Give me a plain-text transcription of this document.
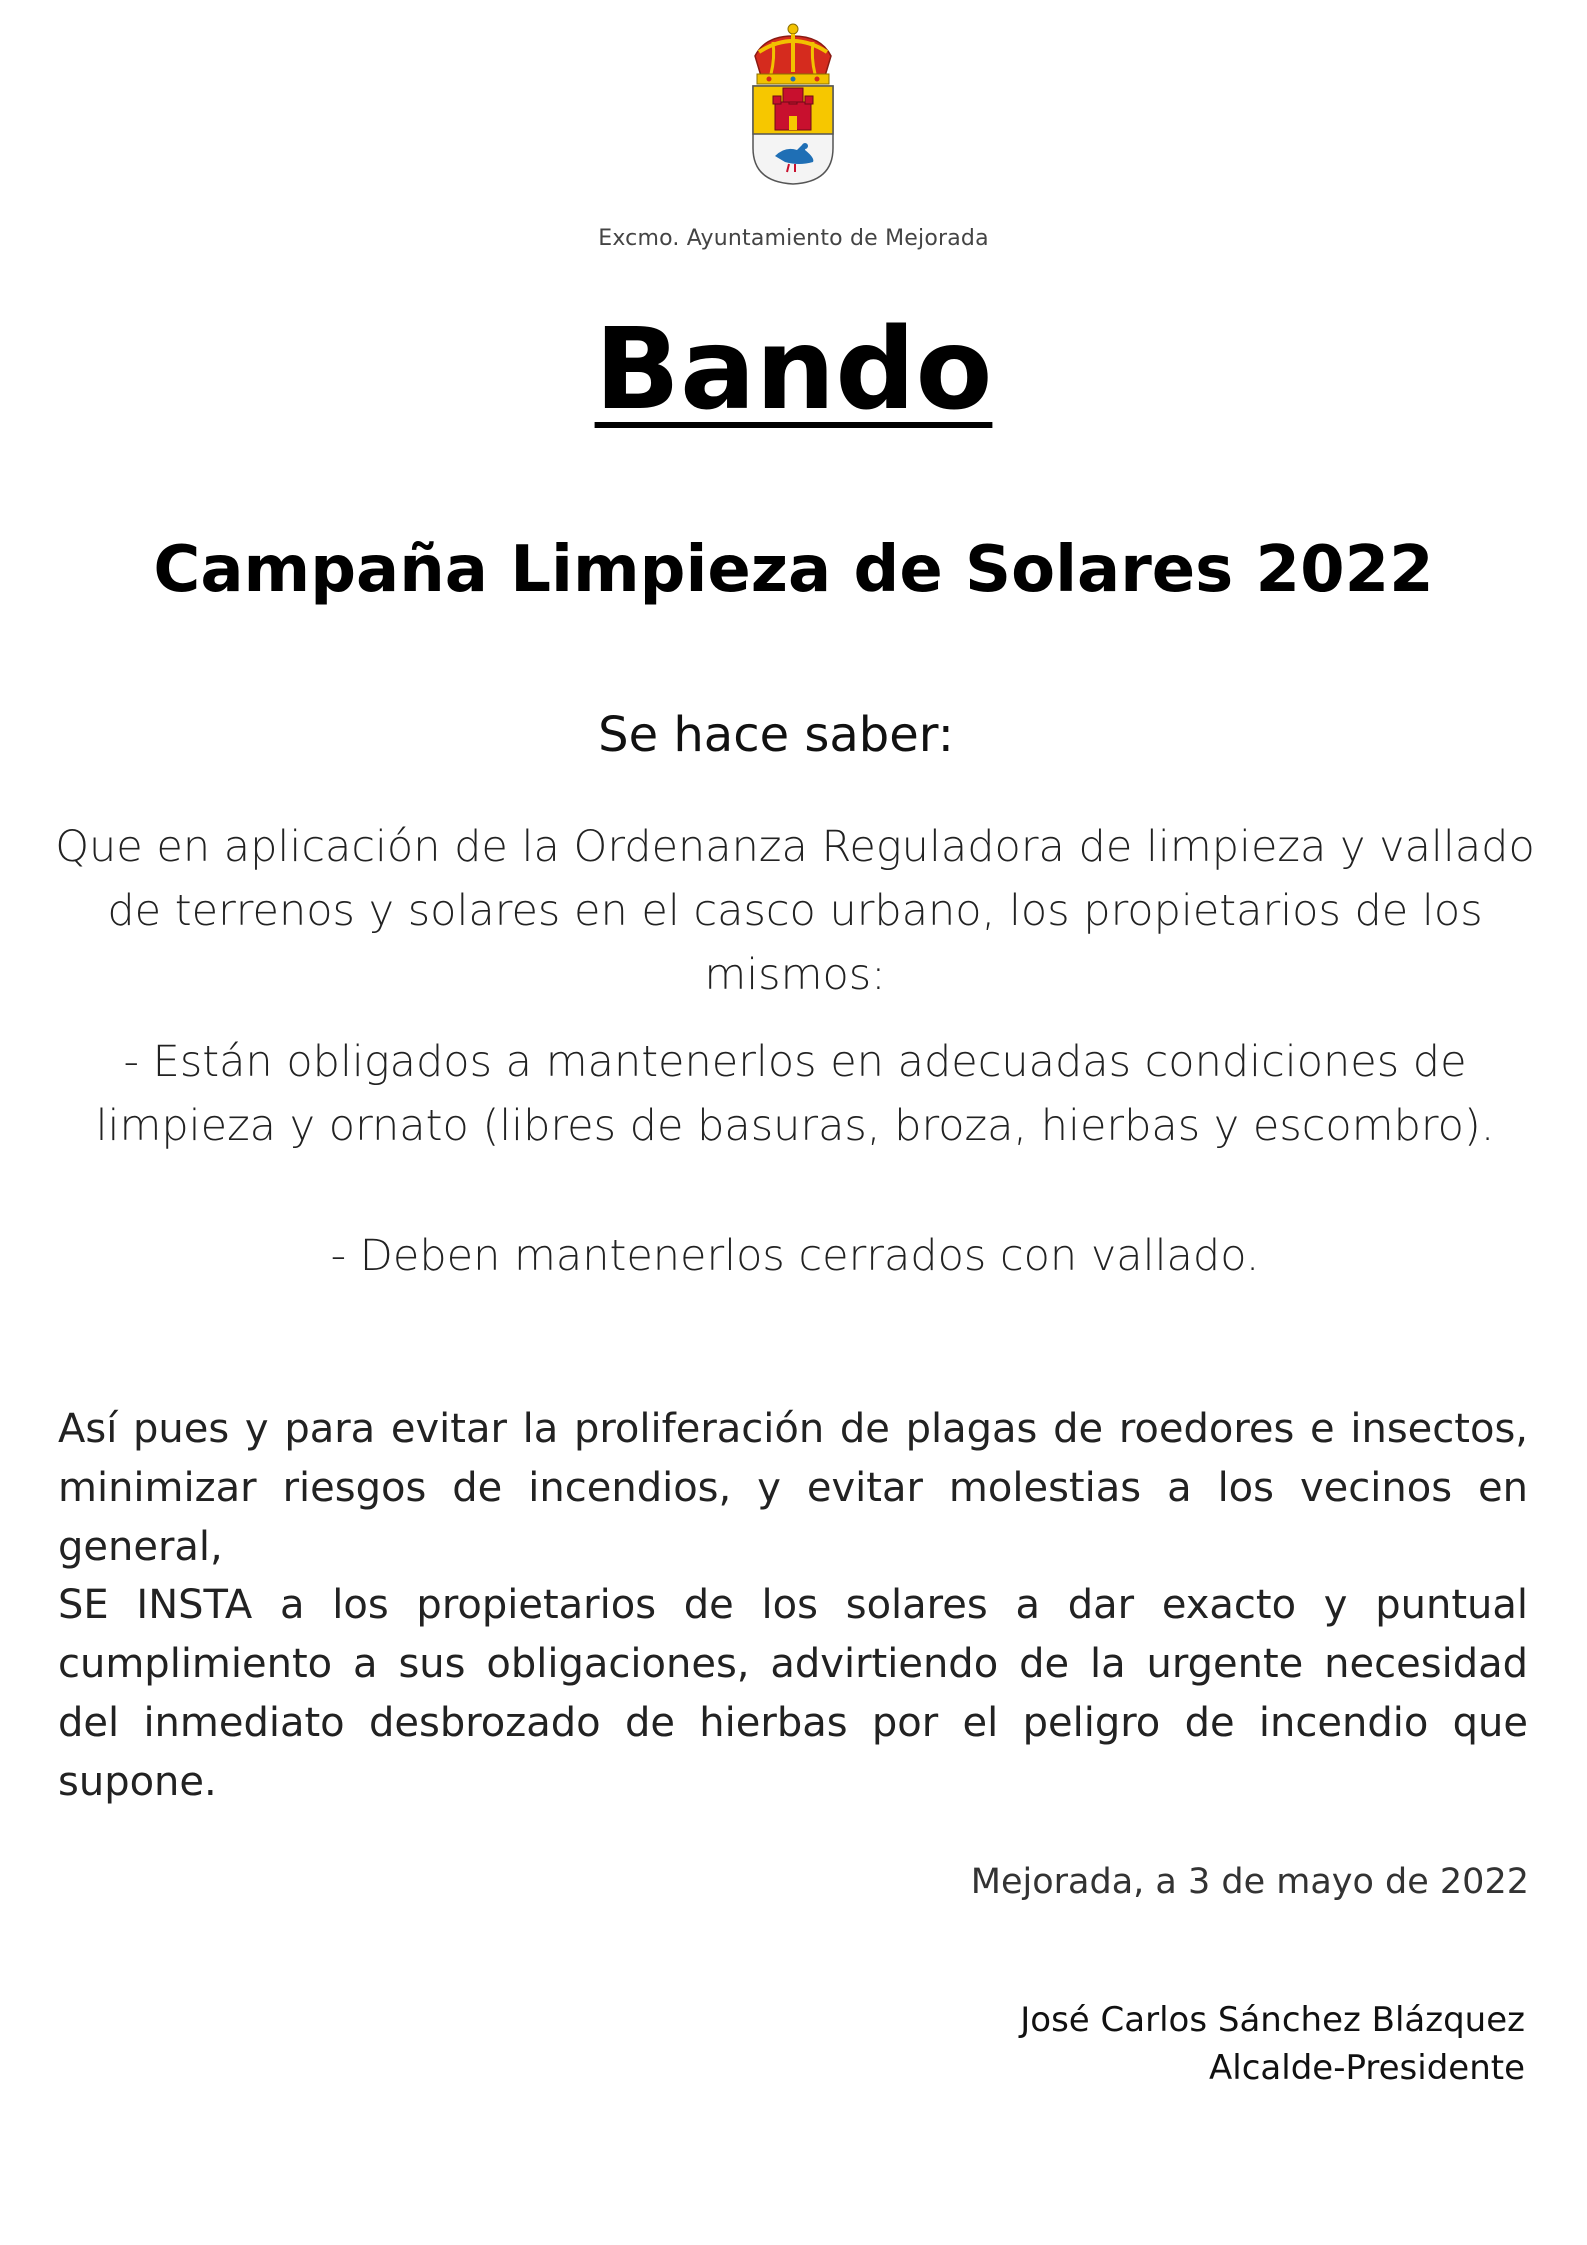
Excmo. Ayuntamiento de Mejorada
Bando
Campaña Limpieza de Solares 2022
Se hace saber:
Que en aplicación de la Ordenanza Reguladora de limpieza y vallado de terrenos y solares en el casco urbano, los propietarios de los mismos:
- Están obligados a mantenerlos en adecuadas condiciones de limpieza y ornato (libres de basuras, broza, hierbas y escombro).
- Deben mantenerlos cerrados con vallado.
Así pues y para evitar la proliferación de plagas de roedores e insectos, minimizar riesgos de incendios, y evitar molestias a los vecinos en general,
SE INSTA a los propietarios de los solares a dar exacto y puntual cumplimiento a sus obligaciones, advirtiendo de la urgente necesidad del inmediato desbrozado de hierbas por el peligro de incendio que supone.
Mejorada, a 3 de mayo de 2022
José Carlos Sánchez Blázquez
Alcalde-Presidente
